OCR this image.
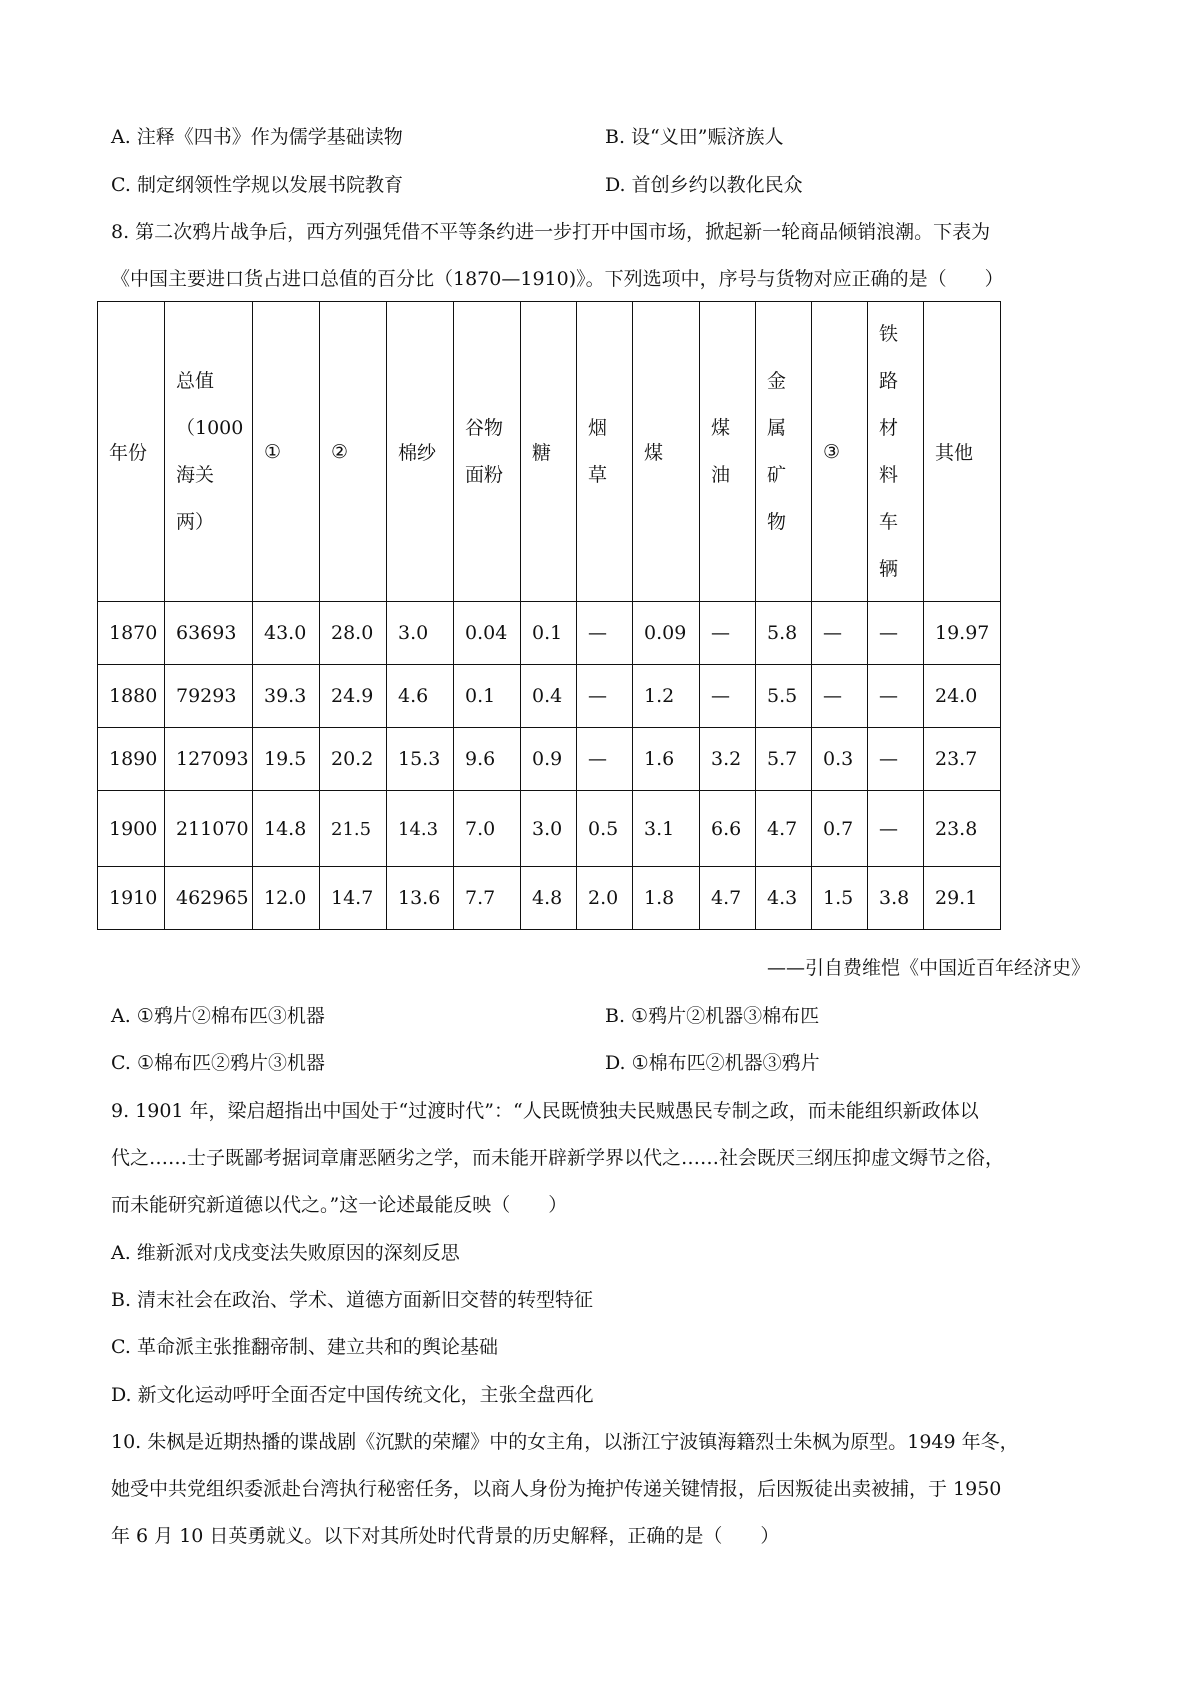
A. 注释《四书》作为儒学基础读物	B. 设“义田”赈济族人
C. 制定纲领性学规以发展书院教育	D. 首创乡约以教化民众
8. 第二次鸦片战争后，西方列强凭借不平等条约进一步打开中国市场，掀起新一轮商品倾销浪潮。下表为
《中国主要进口货占进口总值的百分比（1870—1910)》。下列选项中，序号与货物对应正确的是（　　）
年份	总值（1000海关两）	①	②	棉纱	谷物面粉	糖	烟草	煤	煤油	金属矿物	③	铁路材料车辆	其他
1870	63693	43.0	28.0	3.0	0.04	0.1	—	0.09	—	5.8	—	—	19.97
1880	79293	39.3	24.9	4.6	0.1	0.4	—	1.2	—	5.5	—	—	24.0
1890	127093	19.5	20.2	15.3	9.6	0.9	—	1.6	3.2	5.7	0.3	—	23.7
1900	211070	14.8	21.5	14.3	7.0	3.0	0.5	3.1	6.6	4.7	0.7	—	23.8
1910	462965	12.0	14.7	13.6	7.7	4.8	2.0	1.8	4.7	4.3	1.5	3.8	29.1
——引自费维恺《中国近百年经济史》
A. ①鸦片②棉布匹③机器	B. ①鸦片②机器③棉布匹
C. ①棉布匹②鸦片③机器	D. ①棉布匹②机器③鸦片
9. 1901 年，梁启超指出中国处于“过渡时代”：“人民既愤独夫民贼愚民专制之政，而未能组织新政体以
代之……士子既鄙考据词章庸恶陋劣之学，而未能开辟新学界以代之……社会既厌三纲压抑虚文缛节之俗，
而未能研究新道德以代之。”这一论述最能反映（　　）
A. 维新派对戊戌变法失败原因的深刻反思
B. 清末社会在政治、学术、道德方面新旧交替的转型特征
C. 革命派主张推翻帝制、建立共和的舆论基础
D. 新文化运动呼吁全面否定中国传统文化，主张全盘西化
10. 朱枫是近期热播的谍战剧《沉默的荣耀》中的女主角，以浙江宁波镇海籍烈士朱枫为原型。1949 年冬，
她受中共党组织委派赴台湾执行秘密任务，以商人身份为掩护传递关键情报，后因叛徒出卖被捕，于 1950
年 6 月 10 日英勇就义。以下对其所处时代背景的历史解释，正确的是（　　）
